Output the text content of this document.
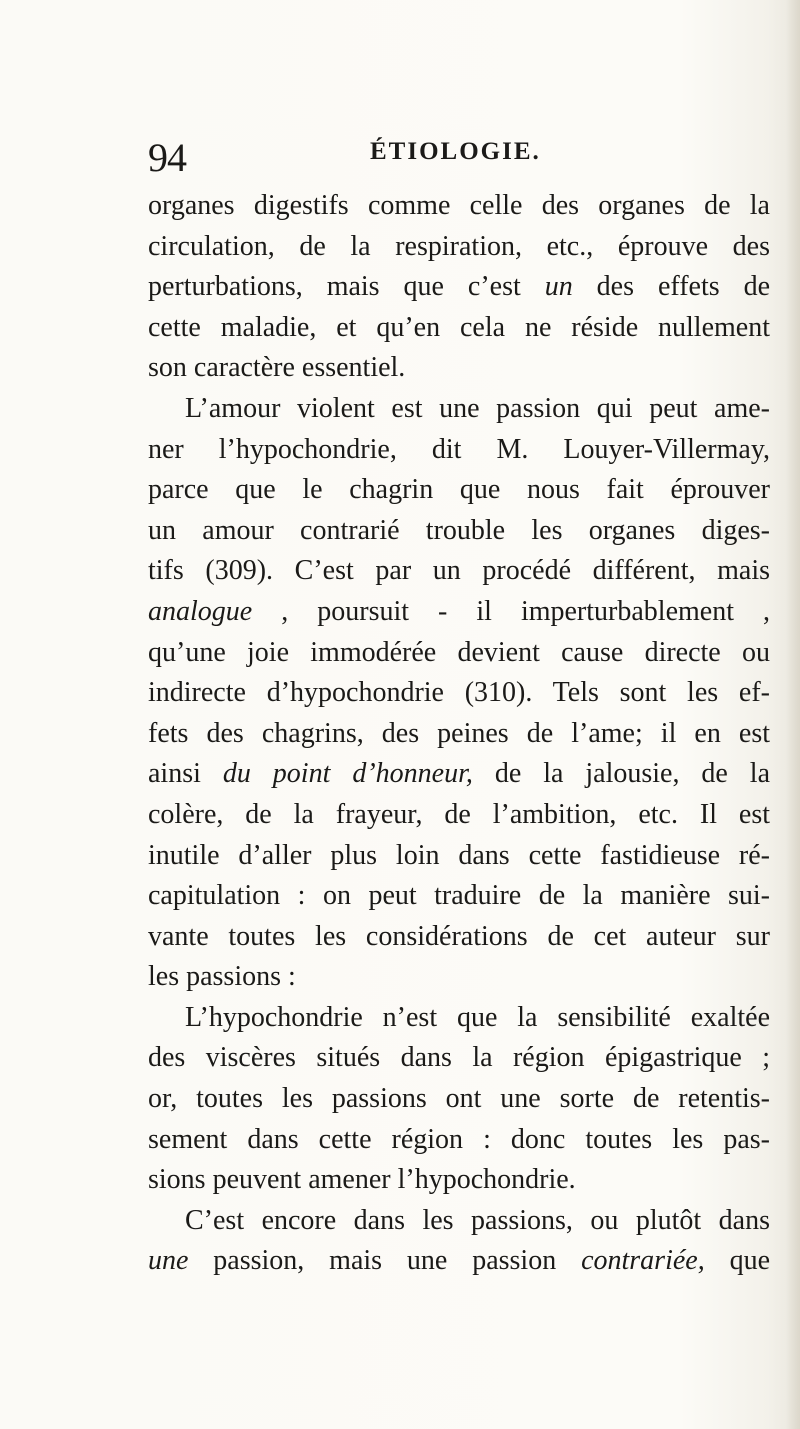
94	ÉTIOLOGIE.
organes digestifs comme celle des organes de la
circulation, de la respiration, etc., éprouve des
perturbations, mais que c’est un des effets de
cette maladie, et qu’en cela ne réside nullement
son caractère essentiel.
L’amour violent est une passion qui peut ame-
ner l’hypochondrie, dit M. Louyer-Villermay,
parce que le chagrin que nous fait éprouver
un amour contrarié trouble les organes diges-
tifs (309). C’est par un procédé différent, mais
analogue , poursuit - il imperturbablement ,
qu’une joie immodérée devient cause directe ou
indirecte d’hypochondrie (310). Tels sont les ef-
fets des chagrins, des peines de l’ame; il en est
ainsi du point d’honneur, de la jalousie, de la
colère, de la frayeur, de l’ambition, etc. Il est
inutile d’aller plus loin dans cette fastidieuse ré-
capitulation : on peut traduire de la manière sui-
vante toutes les considérations de cet auteur sur
les passions :
L’hypochondrie n’est que la sensibilité exaltée
des viscères situés dans la région épigastrique ;
or, toutes les passions ont une sorte de retentis-
sement dans cette région : donc toutes les pas-
sions peuvent amener l’hypochondrie.
C’est encore dans les passions, ou plutôt dans
une passion, mais une passion contrariée, que
